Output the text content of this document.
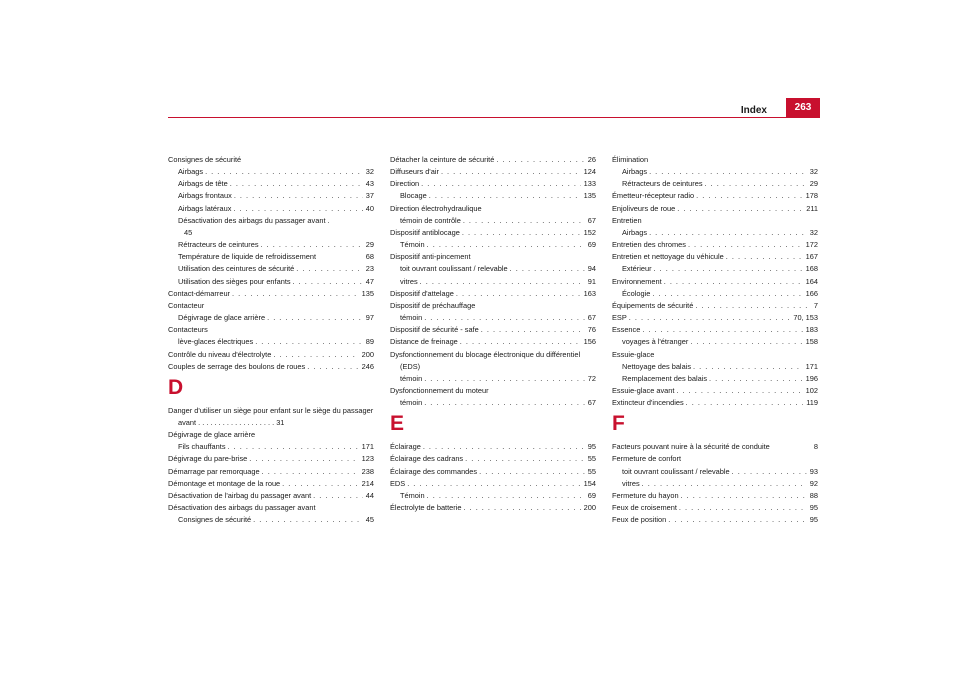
Index	263
Consignes de sécurité
Airbags . . .	32
Airbags de tête . . .	43
Airbags frontaux . . .	37
Airbags latéraux . . .	40
Désactivation des airbags du passager avant .
45
Rétracteurs de ceintures . . .	29
Température de liquide de refroidissement	68
Utilisation des ceintures de sécurité . . .	23
Utilisation des sièges pour enfants . . .	47
Contact-démarreur . . .	135
Contacteur
Dégivrage de glace arrière . . .	97
Contacteurs
lève-glaces électriques . . .	89
Contrôle du niveau d'électrolyte . . .	200
Couples de serrage des boulons de roues . . .	246
D
Danger d'utiliser un siège pour enfant sur le siège du passager avant . . . . . . . . . . . . . . . . . . . 31
Dégivrage de glace arrière
Fils chauffants . . .	171
Dégivrage du pare-brise . . .	123
Démarrage par remorquage . . .	238
Démontage et montage de la roue . . .	214
Désactivation de l'airbag du passager avant . . .	44
Désactivation des airbags du passager avant
Consignes de sécurité . . .	45
Détacher la ceinture de sécurité . . .	26
Diffuseurs d'air . . .	124
Direction . . .	133
Blocage . . .	135
Direction électrohydraulique
témoin de contrôle . . .	67
Dispositif antiblocage . . .	152
Témoin . . .	69
Dispositif anti-pincement
toit ouvrant coulissant / relevable . . .	94
vitres . . .	91
Dispositif d'attelage . . .	163
Dispositif de préchauffage
témoin . . .	67
Dispositif de sécurité - safe . . .	76
Distance de freinage . . .	156
Dysfonctionnement du blocage électronique du différentiel (EDS)
témoin . . .	72
Dysfonctionnement du moteur
témoin . . .	67
E
Éclairage . . .	95
Éclairage des cadrans . . .	55
Éclairage des commandes . . .	55
EDS . . .	154
Témoin . . .	69
Électrolyte de batterie . . .	200
Élimination
Airbags . . .	32
Rétracteurs de ceintures . . .	29
Émetteur-récepteur radio . . .	178
Enjoliveurs de roue . . .	211
Entretien
Airbags . . .	32
Entretien des chromes . . .	172
Entretien et nettoyage du véhicule . . .	167
Extérieur . . .	168
Environnement . . .	164
Écologie . . .	166
Équipements de sécurité . . .	7
ESP . . .	70, 153
Essence . . .	183
voyages à l'étranger . . .	158
Essuie-glace
Nettoyage des balais . . .	171
Remplacement des balais . . .	196
Essuie-glace avant . . .	102
Extincteur d'incendies . . .	119
F
Facteurs pouvant nuire à la sécurité de conduite	8
Fermeture de confort
toit ouvrant coulissant / relevable . . .	93
vitres . . .	92
Fermeture du hayon . . .	88
Feux de croisement . . .	95
Feux de position . . .	95
